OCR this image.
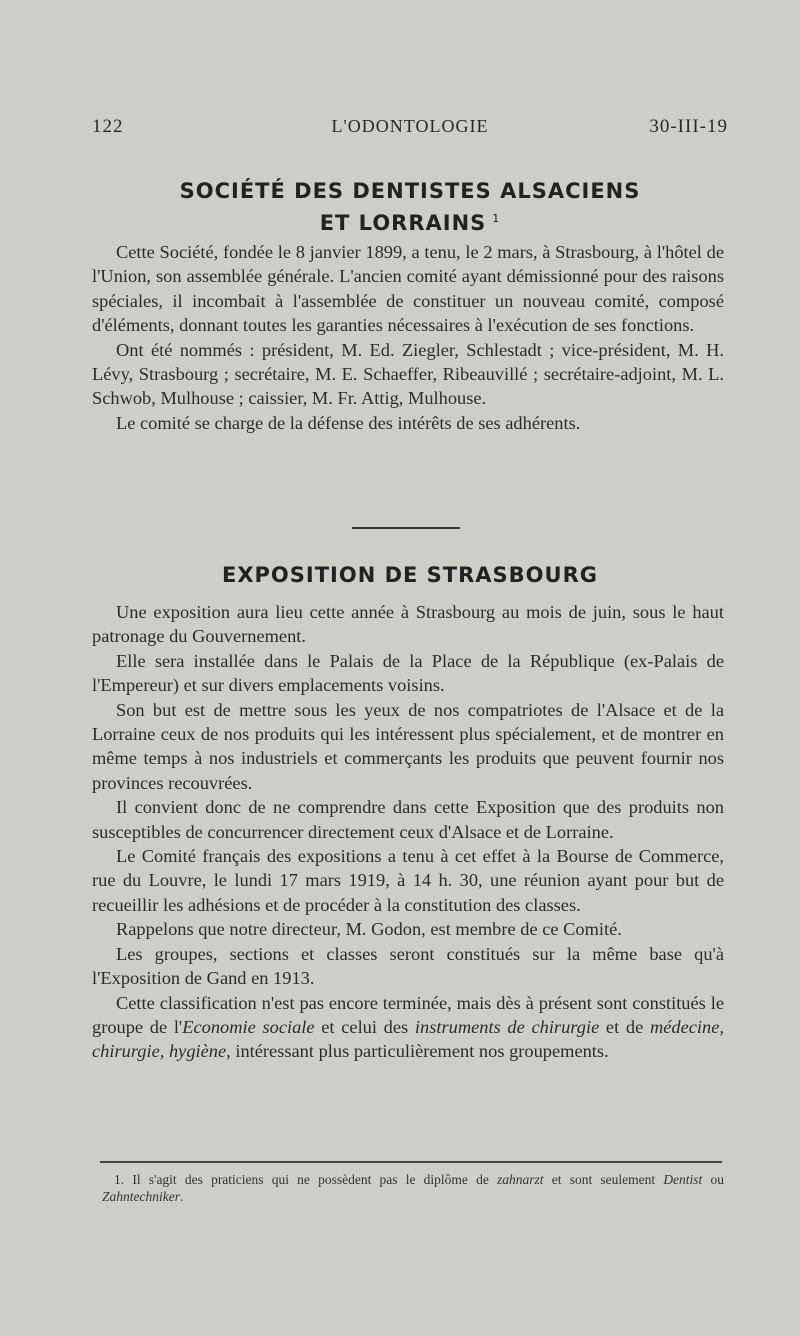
122	L'ODONTOLOGIE	30-III-19
SOCIÉTÉ DES DENTISTES ALSACIENS
ET LORRAINS $^1$

Cette Société, fondée le 8 janvier 1899, a tenu, le 2 mars, à Strasbourg, à l'hôtel de l'Union, son assemblée générale. L'ancien comité ayant démissionné pour des raisons spéciales, il incombait à l'assemblée de constituer un nouveau comité, composé d'éléments, donnant toutes les garanties nécessaires à l'exécution de ses fonctions.

Ont été nommés : président, M. Ed. Ziegler, Schlestadt ; vice-président, M. H. Lévy, Strasbourg ; secrétaire, M. E. Schaeffer, Ribeauvillé ; secrétaire-adjoint, M. L. Schwob, Mulhouse ; caissier, M. Fr. Attig, Mulhouse.

Le comité se charge de la défense des intérêts de ses adhérents.

EXPOSITION DE STRASBOURG

Une exposition aura lieu cette année à Strasbourg au mois de juin, sous le haut patronage du Gouvernement.

Elle sera installée dans le Palais de la Place de la République (ex-Palais de l'Empereur) et sur divers emplacements voisins.

Son but est de mettre sous les yeux de nos compatriotes de l'Alsace et de la Lorraine ceux de nos produits qui les intéressent plus spécialement, et de montrer en même temps à nos industriels et commerçants les produits que peuvent fournir nos provinces recouvrées.

Il convient donc de ne comprendre dans cette Exposition que des produits non susceptibles de concurrencer directement ceux d'Alsace et de Lorraine.

Le Comité français des expositions a tenu à cet effet à la Bourse de Commerce, rue du Louvre, le lundi 17 mars 1919, à 14 h. 30, une réunion ayant pour but de recueillir les adhésions et de procéder à la constitution des classes.

Rappelons que notre directeur, M. Godon, est membre de ce Comité.

Les groupes, sections et classes seront constitués sur la même base qu'à l'Exposition de Gand en 1913.

Cette classification n'est pas encore terminée, mais dès à présent sont constitués le groupe de l'Economie sociale et celui des instruments de chirurgie et de médecine, chirurgie, hygiène, intéressant plus particulièrement nos groupements.

1. Il s'agit des praticiens qui ne possèdent pas le diplôme de zahnarzt et sont seulement Dentist ou Zahntechniker.
